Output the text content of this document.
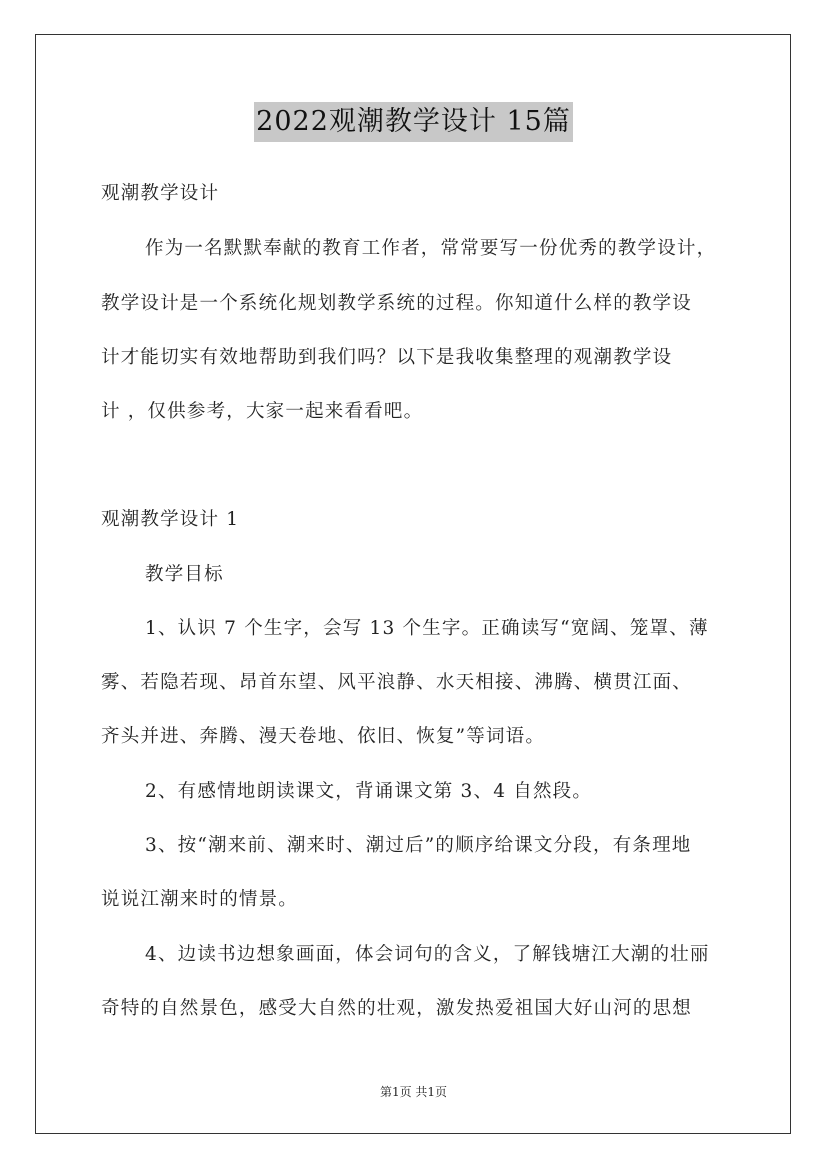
2022观潮教学设计 15篇
观潮教学设计
作为一名默默奉献的教育工作者，常常要写一份优秀的教学设计，
教学设计是一个系统化规划教学系统的过程。你知道什么样的教学设
计才能切实有效地帮助到我们吗？以下是我收集整理的观潮教学设
计 ，仅供参考，大家一起来看看吧。
观潮教学设计 1
教学目标
1、认识 7 个生字，会写 13 个生字。正确读写“宽阔、笼罩、薄
雾、若隐若现、昂首东望、风平浪静、水天相接、沸腾、横贯江面、
齐头并进、奔腾、漫天卷地、依旧、恢复”等词语。
2、有感情地朗读课文，背诵课文第 3、4 自然段。
3、按“潮来前、潮来时、潮过后”的顺序给课文分段，有条理地
说说江潮来时的情景。
4、边读书边想象画面，体会词句的含义，了解钱塘江大潮的壮丽
奇特的自然景色，感受大自然的壮观，激发热爱祖国大好山河的思想
第1页 共1页
